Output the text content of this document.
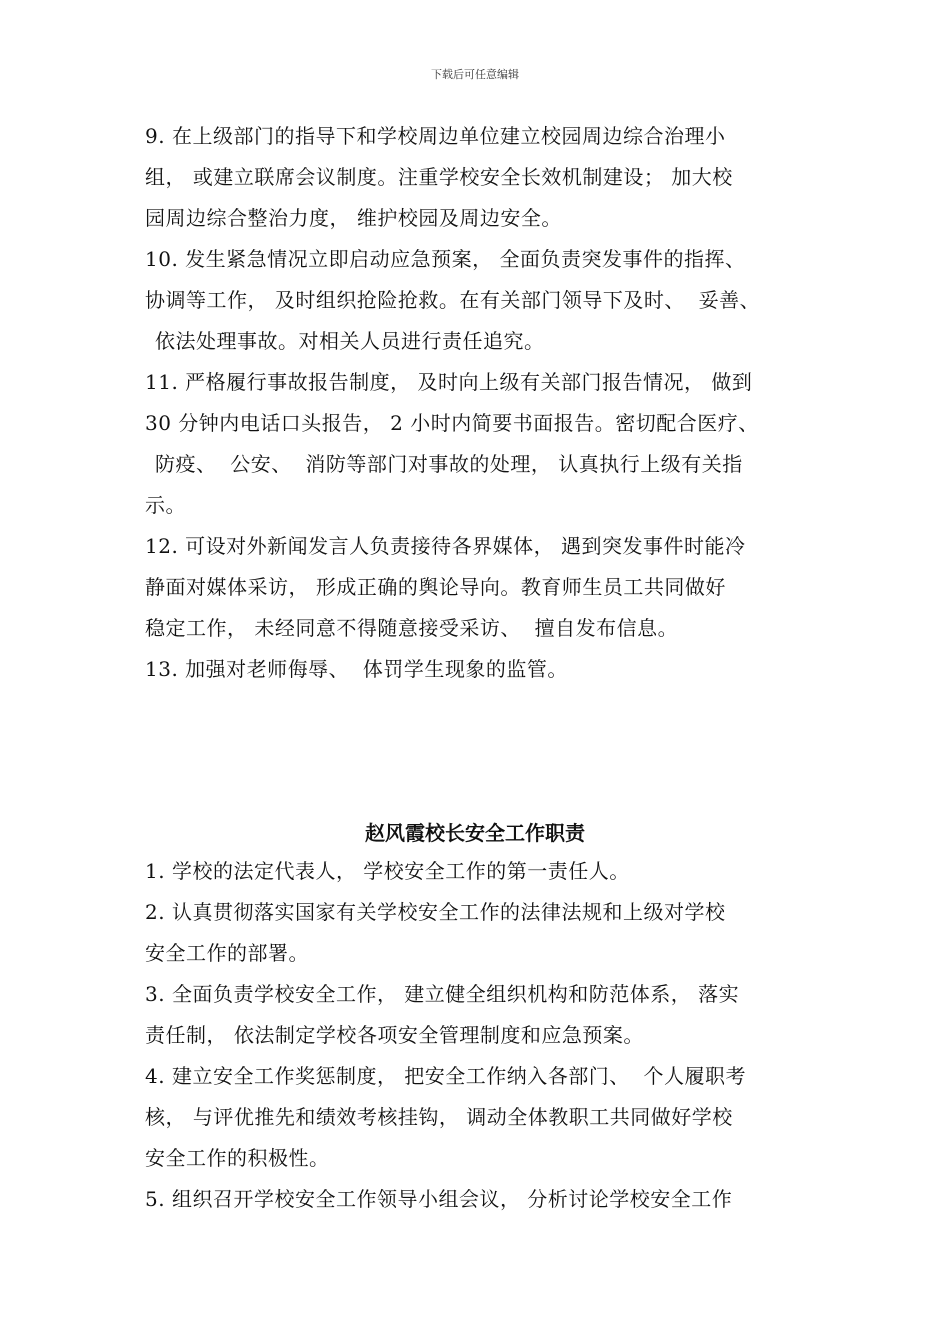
下载后可任意编辑
9. 在上级部门的指导下和学校周边单位建立校园周边综合治理小
组， 或建立联席会议制度。注重学校安全长效机制建设； 加大校
园周边综合整治力度， 维护校园及周边安全。
10. 发生紧急情况立即启动应急预案， 全面负责突发事件的指挥、
协调等工作， 及时组织抢险抢救。在有关部门领导下及时、  妥善、
依法处理事故。对相关人员进行责任追究。
11. 严格履行事故报告制度， 及时向上级有关部门报告情况， 做到
30 分钟内电话口头报告， 2 小时内简要书面报告。密切配合医疗、
防疫、  公安、  消防等部门对事故的处理， 认真执行上级有关指
示。
12. 可设对外新闻发言人负责接待各界媒体， 遇到突发事件时能冷
静面对媒体采访， 形成正确的舆论导向。教育师生员工共同做好
稳定工作， 未经同意不得随意接受采访、  擅自发布信息。
13. 加强对老师侮辱、  体罚学生现象的监管。
赵风霞校长安全工作职责
1. 学校的法定代表人， 学校安全工作的第一责任人。
2. 认真贯彻落实国家有关学校安全工作的法律法规和上级对学校
安全工作的部署。
3. 全面负责学校安全工作， 建立健全组织机构和防范体系， 落实
责任制， 依法制定学校各项安全管理制度和应急预案。
4. 建立安全工作奖惩制度， 把安全工作纳入各部门、  个人履职考
核， 与评优推先和绩效考核挂钩， 调动全体教职工共同做好学校
安全工作的积极性。
5. 组织召开学校安全工作领导小组会议， 分析讨论学校安全工作
